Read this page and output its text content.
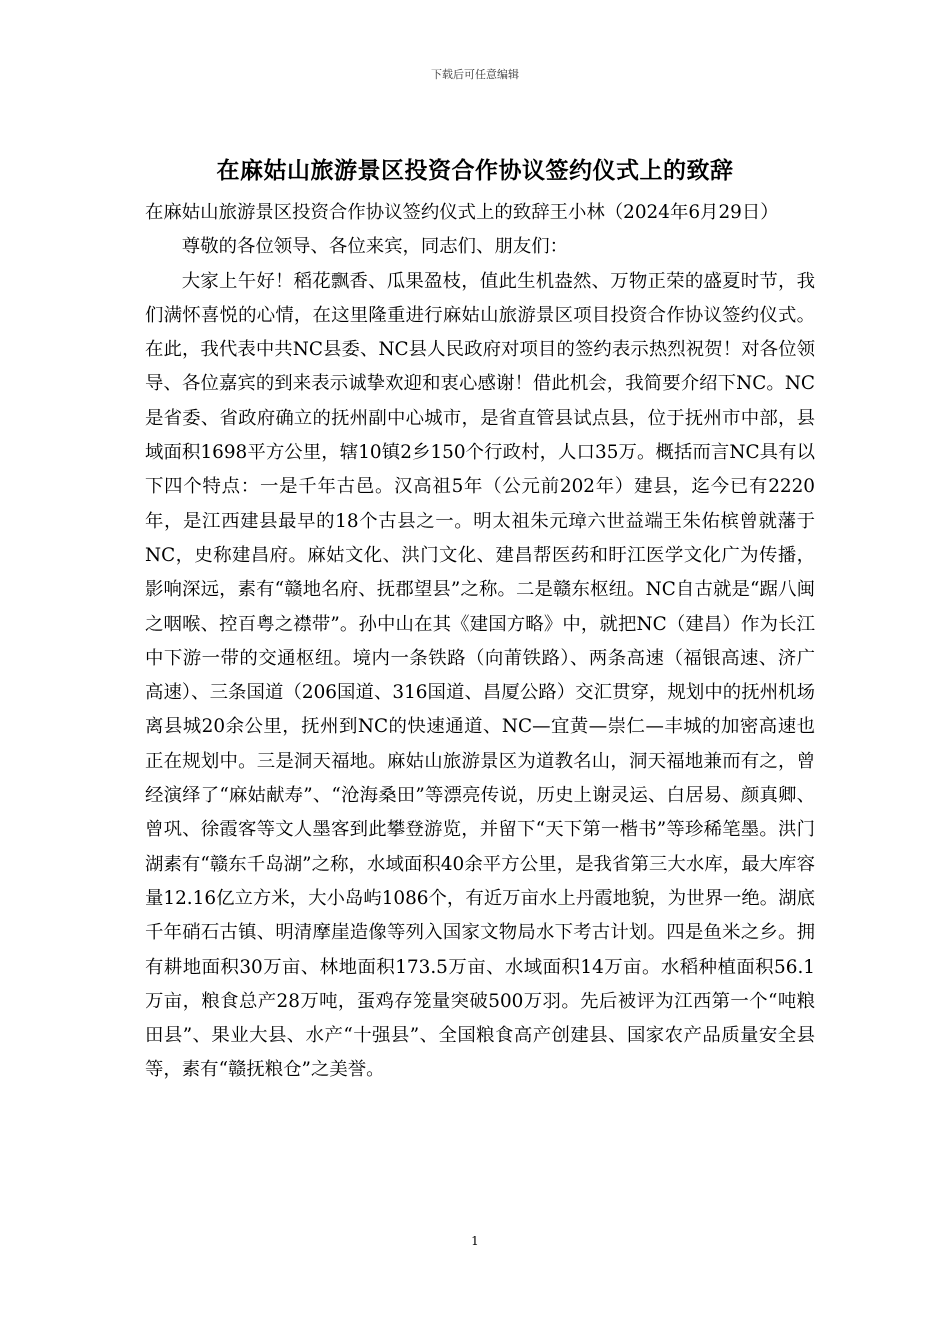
下载后可任意编辑
在麻姑山旅游景区投资合作协议签约仪式上的致辞

在麻姑山旅游景区投资合作协议签约仪式上的致辞王小林（2024年6月29日）

尊敬的各位领导、各位来宾，同志们、朋友们：

大家上午好！稻花飘香、瓜果盈枝，值此生机盎然、万物正荣的盛夏时节，我们满怀喜悦的心情，在这里隆重进行麻姑山旅游景区项目投资合作协议签约仪式。在此，我代表中共NC县委、NC县人民政府对项目的签约表示热烈祝贺！对各位领导、各位嘉宾的到来表示诚挚欢迎和衷心感谢！借此机会，我简要介绍下NC。NC是省委、省政府确立的抚州副中心城市，是省直管县试点县，位于抚州市中部，县域面积1698平方公里，辖10镇2乡150个行政村，人口35万。概括而言NC具有以下四个特点：一是千年古邑。汉高祖5年（公元前202年）建县，迄今已有2220年，是江西建县最早的18个古县之一。明太祖朱元璋六世益端王朱佑槟曾就藩于NC，史称建昌府。麻姑文化、洪门文化、建昌帮医药和盱江医学文化广为传播，影响深远，素有“赣地名府、抚郡望县”之称。二是赣东枢纽。NC自古就是“踞八闽之咽喉、控百粤之襟带”。孙中山在其《建国方略》中，就把NC（建昌）作为长江中下游一带的交通枢纽。境内一条铁路（向莆铁路）、两条高速（福银高速、济广高速）、三条国道（206国道、316国道、昌厦公路）交汇贯穿，规划中的抚州机场离县城20余公里，抚州到NC的快速通道、NC—宜黄—崇仁—丰城的加密高速也正在规划中。三是洞天福地。麻姑山旅游景区为道教名山，洞天福地兼而有之，曾经演绎了“麻姑献寿”、“沧海桑田”等漂亮传说，历史上谢灵运、白居易、颜真卿、曾巩、徐霞客等文人墨客到此攀登游览，并留下“天下第一楷书”等珍稀笔墨。洪门湖素有“赣东千岛湖”之称，水域面积40余平方公里，是我省第三大水库，最大库容量12.16亿立方米，大小岛屿1086个，有近万亩水上丹霞地貌，为世界一绝。湖底千年硝石古镇、明清摩崖造像等列入国家文物局水下考古计划。四是鱼米之乡。拥有耕地面积30万亩、林地面积173.5万亩、水域面积14万亩。水稻种植面积56.1万亩，粮食总产28万吨，蛋鸡存笼量突破500万羽。先后被评为江西第一个“吨粮田县”、果业大县、水产“十强县”、全国粮食高产创建县、国家农产品质量安全县等，素有“赣抚粮仓”之美誉。

1
